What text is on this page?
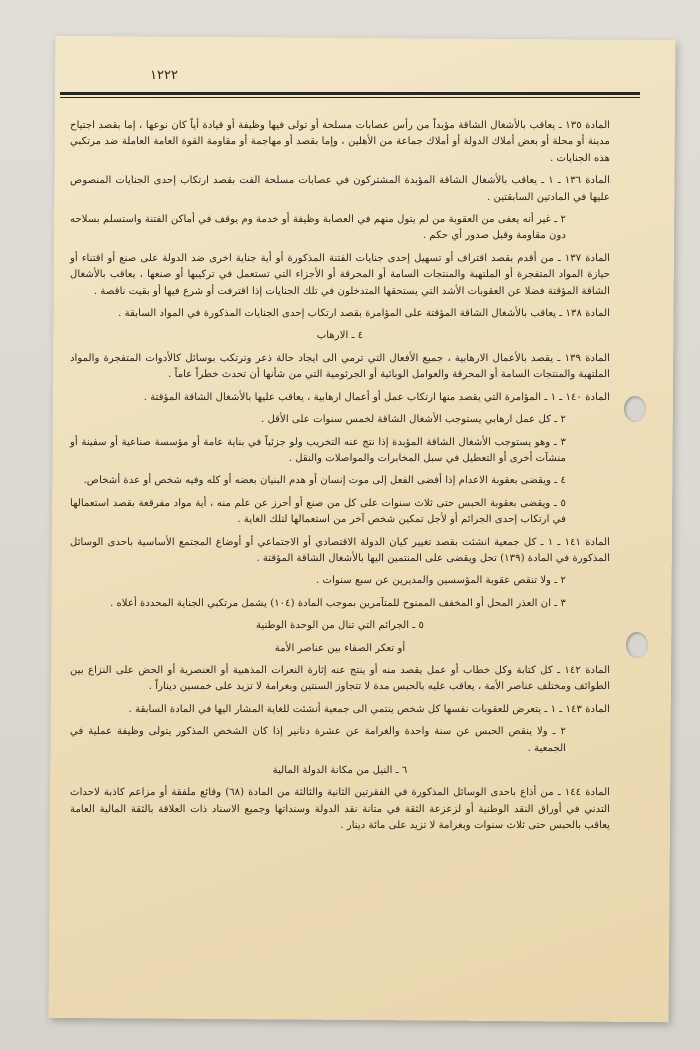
١٢٢٢
المادة ١٣٥ ـ يعاقب بالأشغال الشاقة مؤبداً من رأس عصابات مسلحة أو تولى فيها وظيفة أو قيادة أياً كان نوعها ، إما بقصد اجتياح مدينة أو محلة أو بعض أملاك الدولة أو أملاك جماعة من الأهلين ، وإما بقصد أو مهاجمة أو مقاومة القوة العامة العاملة ضد مرتكبي هذه الجنايات .
المادة ١٣٦ ـ ١ ـ يعاقب بالأشغال الشاقة المؤبدة المشتركون في عصابات مسلحة الفت بقصد ارتكاب إحدى الجنايات المنصوص عليها في المادتين السابقتين .
٢ ـ غير أنه يعفى من العقوبة من لم يتول منهم في العصابة وظيفة أو خدمة وم يوقف في أماكن الفتنة واستسلم بسلاحه دون مقاومة وقبل صدور أي حكم .
المادة ١٣٧ ـ من أقدم بقصد اقتراف أو تسهيل إحدى جنايات الفتنة المذكورة أو أية جناية اخرى ضد الدولة على صنع أو اقتناء أو حيازة المواد المتفجرة أو الملتهبة والمنتجات السامة أو المحرقة أو الأجزاء التي تستعمل في تركيبها أو صنعها ، يعاقب بالأشغال الشاقة المؤقتة فضلا عن العقوبات الأشد التي يستحقها المتدخلون في تلك الجنايات إذا اقترفت أو شرع فيها أو بقيت ناقصة .
المادة ١٣٨ ـ يعاقب بالأشغال الشاقة المؤقتة على المؤامرة بقصد ارتكاب إحدى الجنايات المذكورة في المواد السابقة .
٤ ـ الارهاب
المادة ١٣٩ ـ يقصد بالأعمال الارهابية ، جميع الأفعال التي ترمي الى ايجاد حالة ذعر وترتكب بوسائل كالأدوات المتفجرة والمواد الملتهبة والمنتجات السامة أو المحرقة والعوامل الوبائية أو الجرثومية التي من شأنها أن تحدث خطراً عاماً .
المادة ١٤٠ ـ ١ ـ المؤامرة التي يقصد منها ارتكاب عمل أو أعمال ارهابية ، يعاقب عليها بالأشغال الشاقة المؤقتة .
٢ ـ كل عمل ارهابي يستوجب الأشغال الشاقة لخمس سنوات على الأقل .
٣ ـ وهو يستوجب الأشغال الشاقة المؤبدة إذا نتج عنه التخريب ولو جزئياً في بناية عامة أو مؤسسة صناعية أو سفينة أو منشآت أخرى أو التعطيل في سبل المخابرات والمواصلات والنقل .
٤ ـ ويقضى بعقوبة الاعدام إذا أفضى الفعل إلى موت إنسان أو هدم البنيان بعضه أو كله وفيه شخص أو عدة أشخاص.
٥ ـ ويقضى بعقوبة الحبس حتى ثلاث سنوات على كل من صنع أو أحرز عن علم منه ، أية مواد مفرقعة بقصد استعمالها في ارتكاب إحدى الجرائم أو لأجل تمكين شخص آخر من استعمالها لتلك الغاية .
المادة ١٤١ ـ ١ ـ كل جمعية انشئت بقصد تغيير كيان الدولة الاقتصادي أو الاجتماعي أو أوضاع المجتمع الأساسية باحدى الوسائل المذكورة في المادة (١٣٩) تحل ويقضى على المنتمين اليها بالأشغال الشاقة المؤقتة .
٢ ـ ولا تنقص عقوبة المؤسسين والمديرين عن سبع سنوات .
٣ ـ ان العذر المحل أو المخفف الممنوح للمتآمرين بموجب المادة (١٠٤) يشمل مرتكبي الجناية المحددة أعلاه .
٥ ـ الجرائم التي تنال من الوحدة الوطنية
أو تعكر الصفاء بين عناصر الأمة
المادة ١٤٢ ـ كل كتابة وكل خطاب أو عمل يقصد منه أو ينتج عنه إثارة النعرات المذهبية أو العنصرية أو الحض على النزاع بين الطوائف ومختلف عناصر الأمة ، يعاقب عليه بالحبس مدة لا تتجاوز السنتين وبغرامة لا تزيد على خمسين ديناراً .
المادة ١٤٣ ـ ١ ـ يتعرض للعقوبات نفسها كل شخص ينتمي الى جمعية أنشئت للغاية المشار اليها في المادة السابقة .
٢ ـ ولا ينقص الحبس عن سنة واحدة والغرامة عن عشرة دنانير إذا كان الشخص المذكور يتولى وظيفة عملية في الجمعية .
٦ ـ النيل من مكانة الدولة المالية
المادة ١٤٤ ـ من أذاع باحدى الوسائل المذكورة في الفقرتين الثانية والثالثة من المادة (٦٨) وقائع ملفقة أو مزاعم كاذبة لاحداث التدني في أوراق النقد الوطنية أو لزعزعة الثقة في متانة نقد الدولة وسنداتها وجميع الاسناد ذات العلاقة بالثقة المالية العامة يعاقب بالحبس حتى ثلاث سنوات وبغرامة لا تزيد على مائة دينار .
